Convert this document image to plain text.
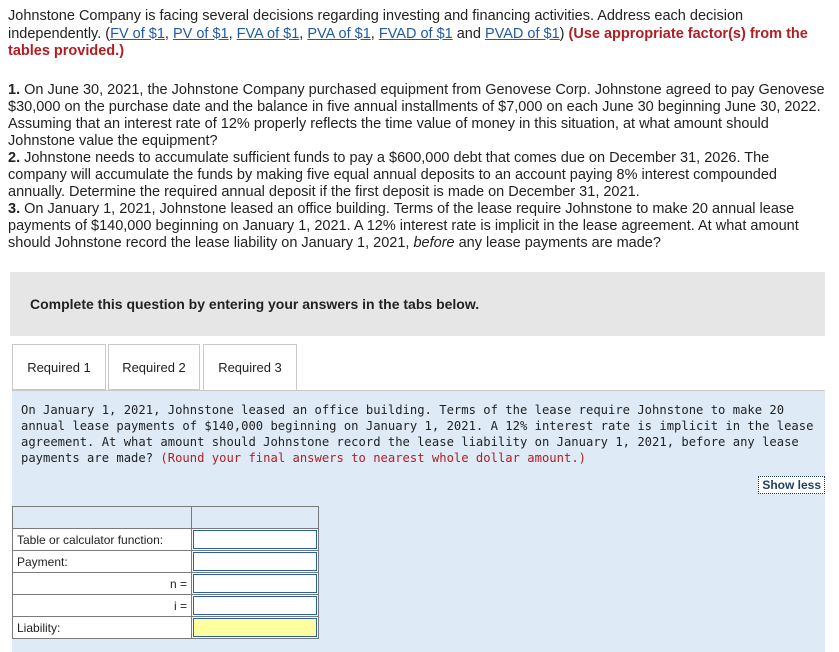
Johnstone Company is facing several decisions regarding investing and financing activities. Address each decision independently. (FV of $1, PV of $1, FVA of $1, PVA of $1, FVAD of $1 and PVAD of $1) (Use appropriate factor(s) from the tables provided.)

1. On June 30, 2021, the Johnstone Company purchased equipment from Genovese Corp. Johnstone agreed to pay Genovese $30,000 on the purchase date and the balance in five annual installments of $7,000 on each June 30 beginning June 30, 2022. Assuming that an interest rate of 12% properly reflects the time value of money in this situation, at what amount should Johnstone value the equipment?

2. Johnstone needs to accumulate sufficient funds to pay a $600,000 debt that comes due on December 31, 2026. The company will accumulate the funds by making five equal annual deposits to an account paying 8% interest compounded annually. Determine the required annual deposit if the first deposit is made on December 31, 2021.

3. On January 1, 2021, Johnstone leased an office building. Terms of the lease require Johnstone to make 20 annual lease payments of $140,000 beginning on January 1, 2021. A 12% interest rate is implicit in the lease agreement. At what amount should Johnstone record the lease liability on January 1, 2021, before any lease payments are made?

Complete this question by entering your answers in the tabs below.
Required 1	Required 2	Required 3
On January 1, 2021, Johnstone leased an office building. Terms of the lease require Johnstone to make 20 annual lease payments of $140,000 beginning on January 1, 2021. A 12% interest rate is implicit in the lease agreement. At what amount should Johnstone record the lease liability on January 1, 2021, before any lease payments are made? (Round your final answers to nearest whole dollar amount.)
Show less

Table or calculator function:	

Payment:	

n =	

i =	

Liability:	
